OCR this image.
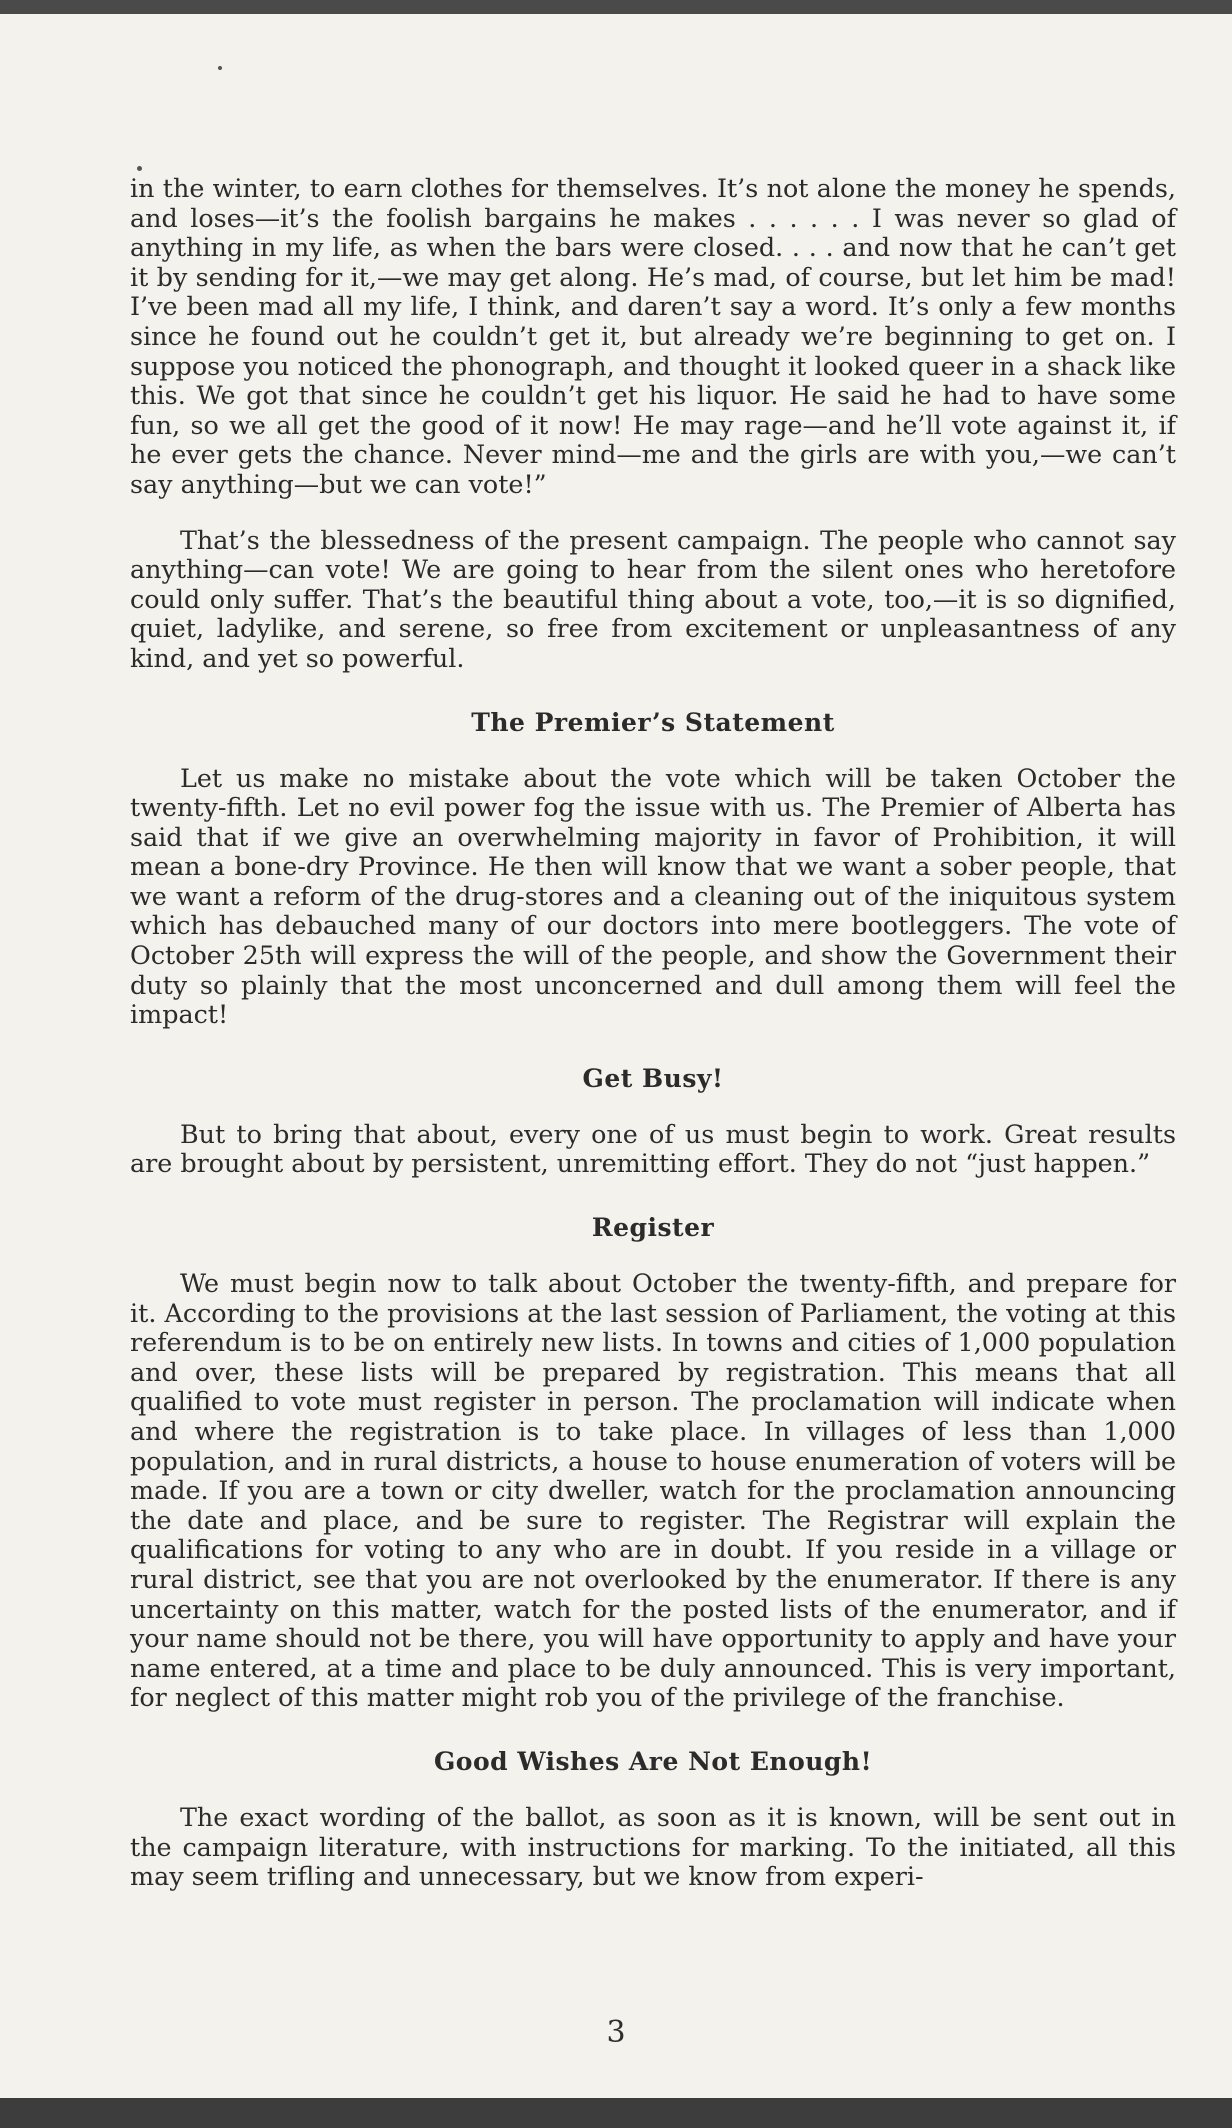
in the winter, to earn clothes for themselves. It’s not alone the money he spends, and loses—it’s the foolish bargains he makes . . . . . . I was never so glad of anything in my life, as when the bars were closed. . . . and now that he can’t get it by sending for it,—we may get along. He’s mad, of course, but let him be mad! I’ve been mad all my life, I think, and daren’t say a word. It’s only a few months since he found out he couldn’t get it, but already we’re beginning to get on. I suppose you noticed the phonograph, and thought it looked queer in a shack like this. We got that since he couldn’t get his liquor. He said he had to have some fun, so we all get the good of it now! He may rage—and he’ll vote against it, if he ever gets the chance. Never mind—me and the girls are with you,—we can’t say anything—but we can vote!”

That’s the blessedness of the present campaign. The people who cannot say anything—can vote! We are going to hear from the silent ones who heretofore could only suffer. That’s the beautiful thing about a vote, too,—it is so dignified, quiet, ladylike, and serene, so free from excitement or unpleasantness of any kind, and yet so powerful.

The Premier’s Statement

Let us make no mistake about the vote which will be taken October the twenty-fifth. Let no evil power fog the issue with us. The Premier of Alberta has said that if we give an overwhelming majority in favor of Prohibition, it will mean a bone-dry Province. He then will know that we want a sober people, that we want a reform of the drug-stores and a cleaning out of the iniquitous system which has debauched many of our doctors into mere bootleggers. The vote of October 25th will express the will of the people, and show the Government their duty so plainly that the most unconcerned and dull among them will feel the impact!

Get Busy!

But to bring that about, every one of us must begin to work. Great results are brought about by persistent, unremitting effort. They do not “just happen.”

Register

We must begin now to talk about October the twenty-fifth, and prepare for it. According to the provisions at the last session of Parliament, the voting at this referendum is to be on entirely new lists. In towns and cities of 1,000 population and over, these lists will be prepared by registration. This means that all qualified to vote must register in person. The proclamation will indicate when and where the registration is to take place. In villages of less than 1,000 population, and in rural districts, a house to house enumeration of voters will be made. If you are a town or city dweller, watch for the proclamation announcing the date and place, and be sure to register. The Registrar will explain the qualifications for voting to any who are in doubt. If you reside in a village or rural district, see that you are not overlooked by the enumerator. If there is any uncertainty on this matter, watch for the posted lists of the enumerator, and if your name should not be there, you will have opportunity to apply and have your name entered, at a time and place to be duly announced. This is very important, for neglect of this matter might rob you of the privilege of the franchise.

Good Wishes Are Not Enough!

The exact wording of the ballot, as soon as it is known, will be sent out in the campaign literature, with instructions for marking. To the initiated, all this may seem trifling and unnecessary, but we know from experi-

3
